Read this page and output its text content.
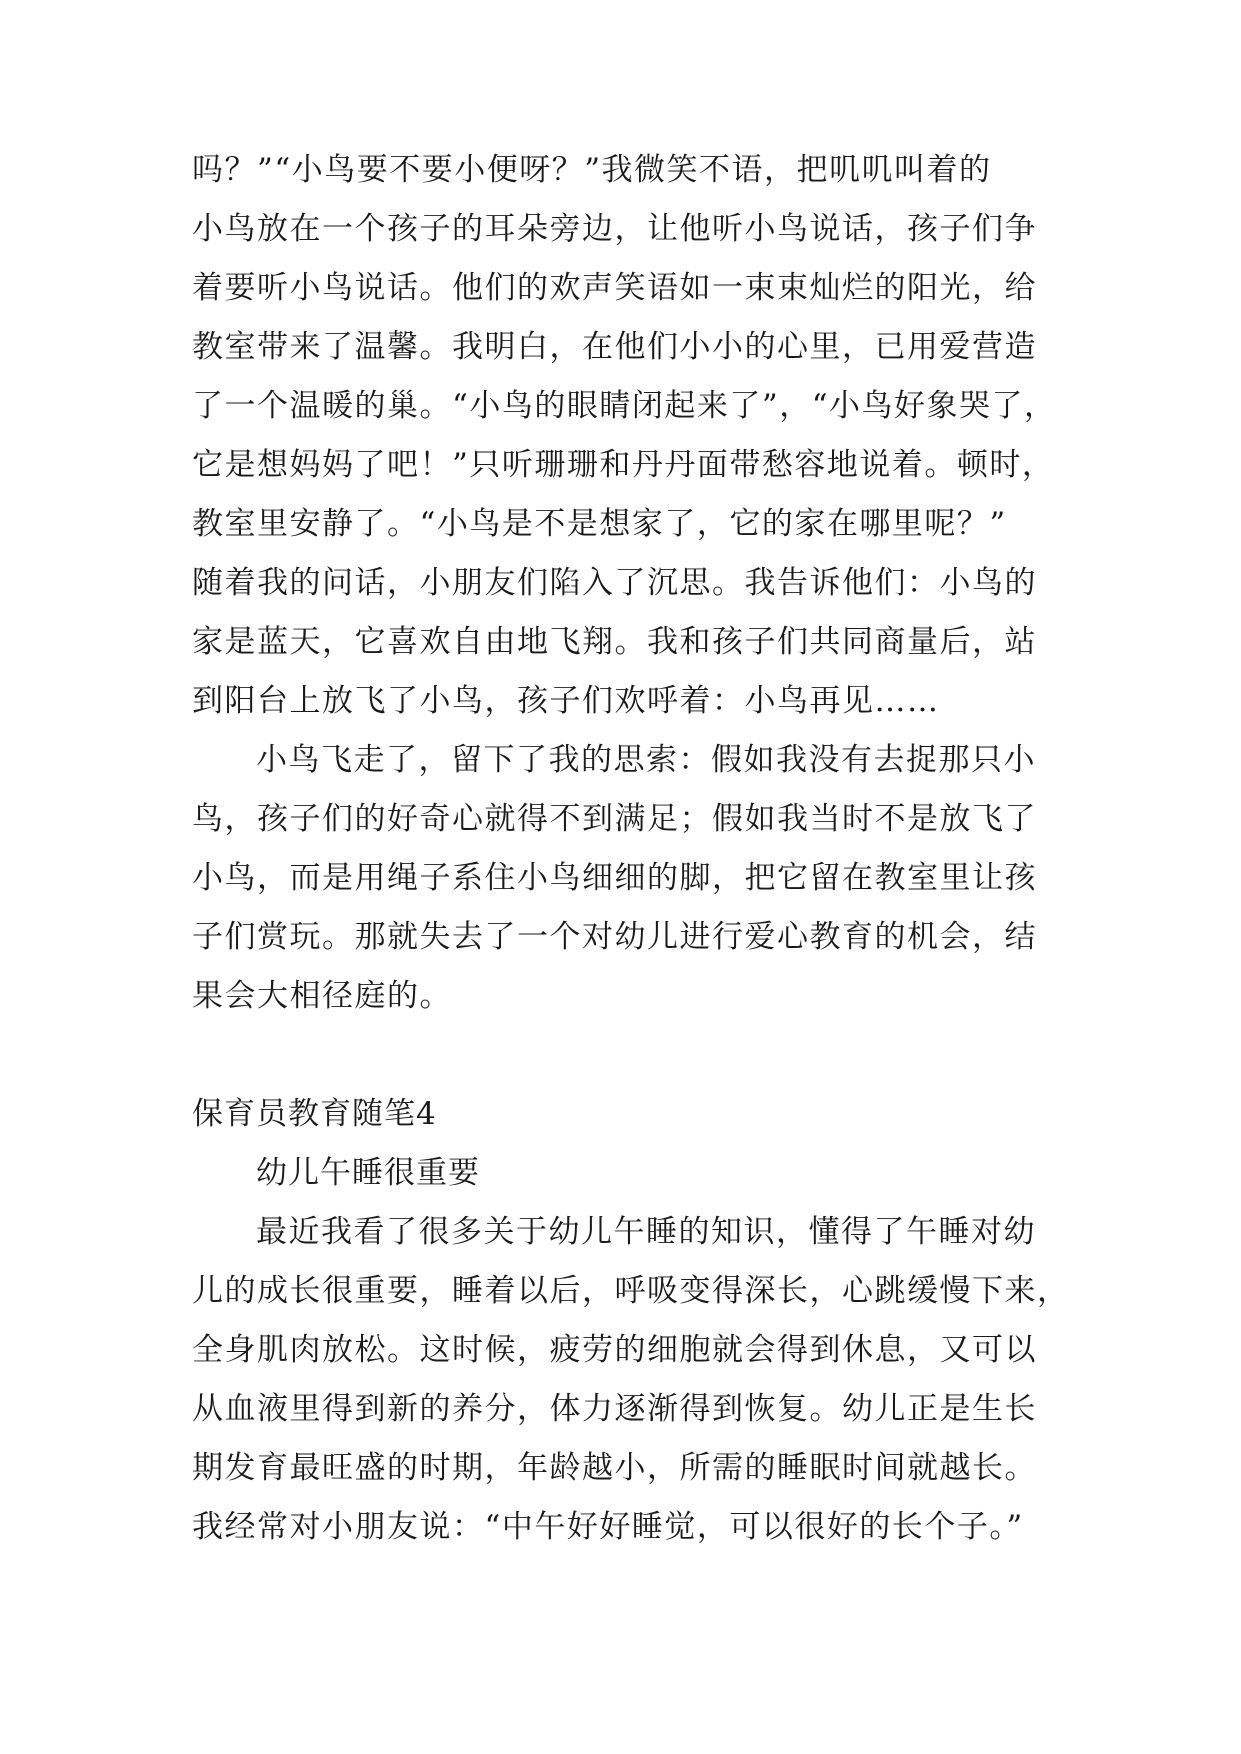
吗？”“小鸟要不要小便呀？”我微笑不语，把叽叽叫着的
小鸟放在一个孩子的耳朵旁边，让他听小鸟说话，孩子们争
着要听小鸟说话。他们的欢声笑语如一束束灿烂的阳光，给
教室带来了温馨。我明白，在他们小小的心里，已用爱营造
了一个温暖的巢。“小鸟的眼睛闭起来了”，“小鸟好象哭了，
它是想妈妈了吧！”只听珊珊和丹丹面带愁容地说着。顿时，
教室里安静了。“小鸟是不是想家了，它的家在哪里呢？”
随着我的问话，小朋友们陷入了沉思。我告诉他们：小鸟的
家是蓝天，它喜欢自由地飞翔。我和孩子们共同商量后，站
到阳台上放飞了小鸟，孩子们欢呼着：小鸟再见……
小鸟飞走了，留下了我的思索：假如我没有去捉那只小
鸟，孩子们的好奇心就得不到满足；假如我当时不是放飞了
小鸟，而是用绳子系住小鸟细细的脚，把它留在教室里让孩
子们赏玩。那就失去了一个对幼儿进行爱心教育的机会，结
果会大相径庭的。
保育员教育随笔4
幼儿午睡很重要
最近我看了很多关于幼儿午睡的知识，懂得了午睡对幼
儿的成长很重要，睡着以后，呼吸变得深长，心跳缓慢下来，
全身肌肉放松。这时候，疲劳的细胞就会得到休息，又可以
从血液里得到新的养分，体力逐渐得到恢复。幼儿正是生长
期发育最旺盛的时期，年龄越小，所需的睡眠时间就越长。
我经常对小朋友说：“中午好好睡觉，可以很好的长个子。”
